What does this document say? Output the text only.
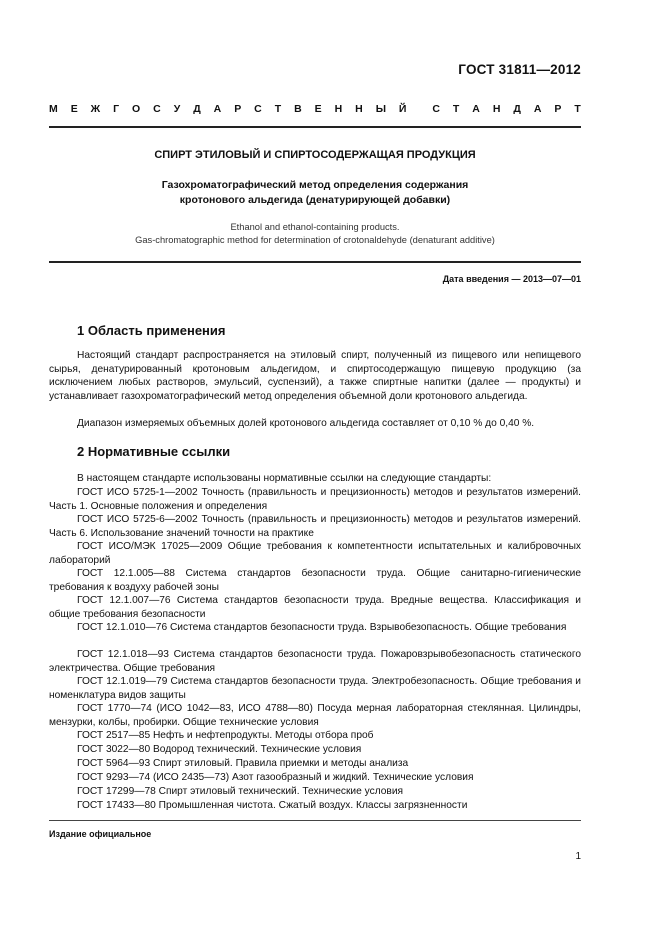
ГОСТ 31811—2012
М Е Ж Г О С У Д А Р С Т В Е Н Н Ы Й С Т А Н Д А Р Т
СПИРТ ЭТИЛОВЫЙ И СПИРТОСОДЕРЖАЩАЯ ПРОДУКЦИЯ
Газохроматографический метод определения содержания
кротонового альдегида (денатурирующей добавки)
Ethanol and ethanol-containing products.
Gas-chromatographic method for determination of crotonaldehyde (denaturant additive)
Дата введения — 2013—07—01
1 Область применения

Настоящий стандарт распространяется на этиловый спирт, полученный из пищевого или непищевого сырья, денатурированный кротоновым альдегидом, и спиртосодержащую пищевую продукцию (за исключением любых растворов, эмульсий, суспензий), а также спиртные напитки (далее — продукты) и устанавливает газохроматографический метод определения объемной доли кротонового альдегида.

Диапазон измеряемых объемных долей кротонового альдегида составляет от 0,10 % до 0,40 %.

2 Нормативные ссылки

В настоящем стандарте использованы нормативные ссылки на следующие стандарты:

ГОСТ ИСО 5725-1—2002 Точность (правильность и прецизионность) методов и результатов измерений. Часть 1. Основные положения и определения

ГОСТ ИСО 5725-6—2002 Точность (правильность и прецизионность) методов и результатов измерений. Часть 6. Использование значений точности на практике

ГОСТ ИСО/МЭК 17025—2009 Общие требования к компетентности испытательных и калибровочных лабораторий

ГОСТ 12.1.005—88 Система стандартов безопасности труда. Общие санитарно-гигиенические требования к воздуху рабочей зоны

ГОСТ 12.1.007—76 Система стандартов безопасности труда. Вредные вещества. Классификация и общие требования безопасности

ГОСТ 12.1.010—76 Система стандартов безопасности труда. Взрывобезопасность. Общие требования

ГОСТ 12.1.018—93 Система стандартов безопасности труда. Пожаровзрывобезопасность статического электричества. Общие требования

ГОСТ 12.1.019—79 Система стандартов безопасности труда. Электробезопасность. Общие требования и номенклатура видов защиты

ГОСТ 1770—74 (ИСО 1042—83, ИСО 4788—80) Посуда мерная лабораторная стеклянная. Цилиндры, мензурки, колбы, пробирки. Общие технические условия

ГОСТ 2517—85 Нефть и нефтепродукты. Методы отбора проб

ГОСТ 3022—80 Водород технический. Технические условия

ГОСТ 5964—93 Спирт этиловый. Правила приемки и методы анализа

ГОСТ 9293—74 (ИСО 2435—73) Азот газообразный и жидкий. Технические условия

ГОСТ 17299—78 Спирт этиловый технический. Технические условия

ГОСТ 17433—80 Промышленная чистота. Сжатый воздух. Классы загрязненности

Издание официальное
1
